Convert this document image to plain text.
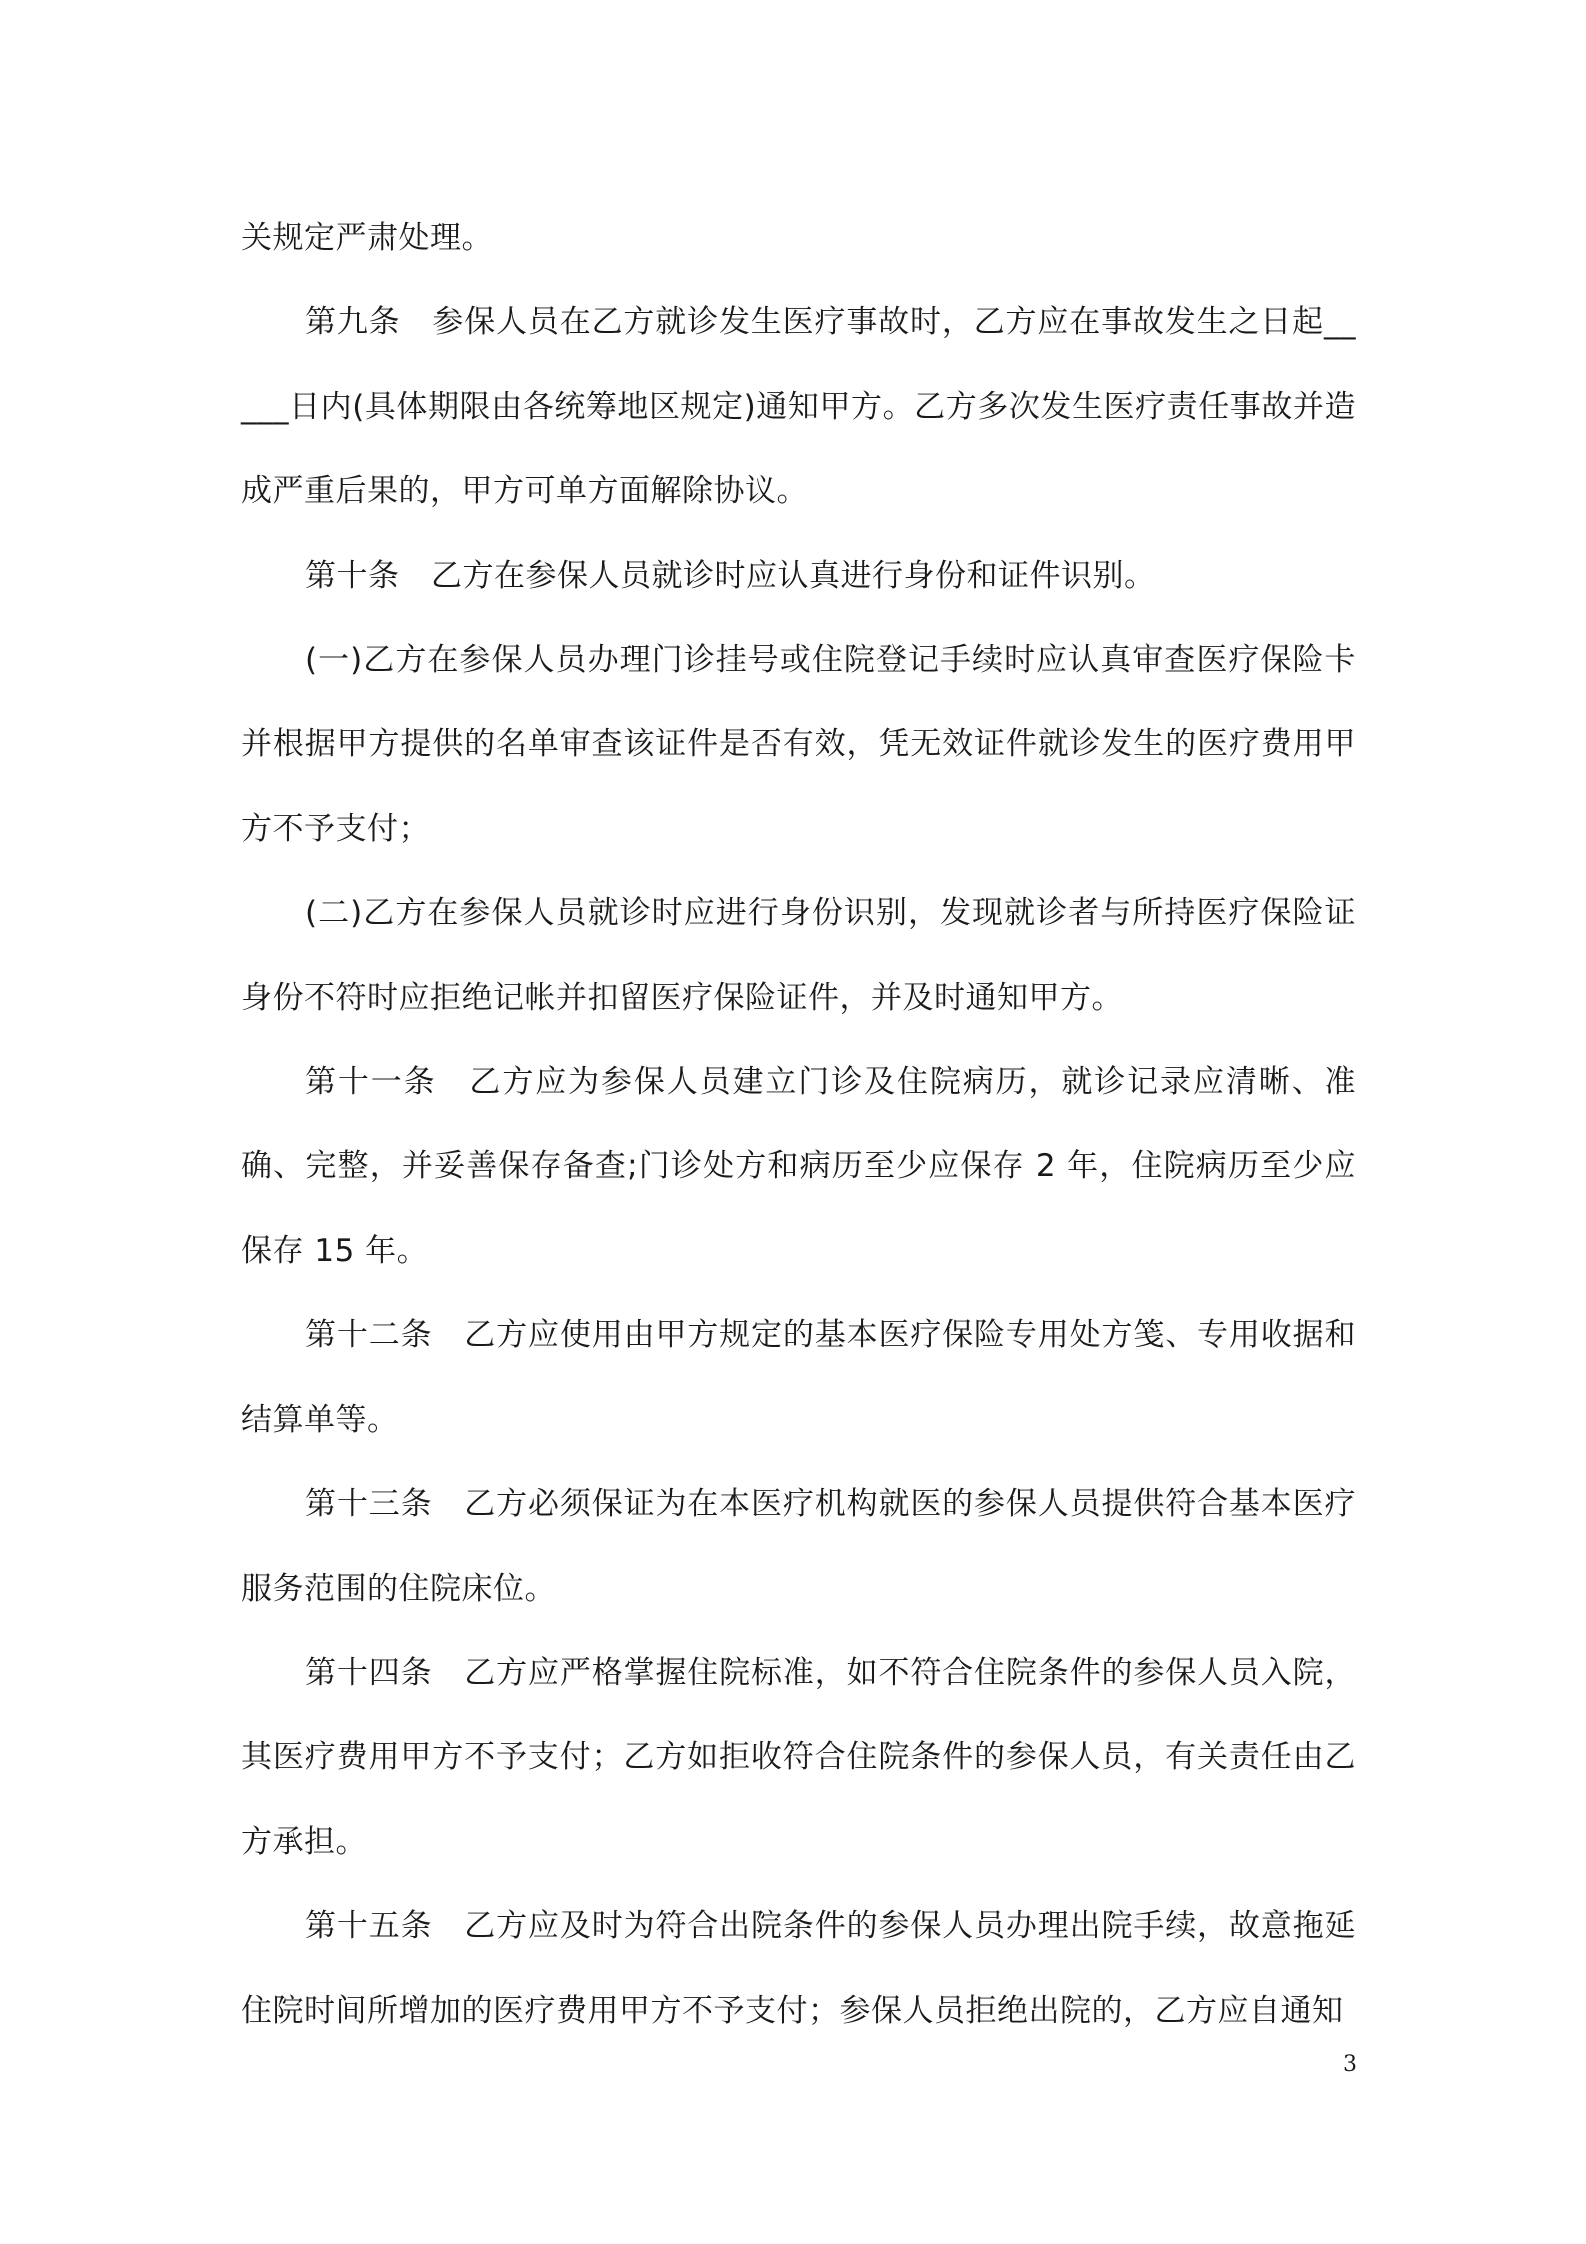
关规定严肃处理。

第九条　参保人员在乙方就诊发生医疗事故时，乙方应在事故发生之日起_____日内(具体期限由各统筹地区规定)通知甲方。乙方多次发生医疗责任事故并造成严重后果的，甲方可单方面解除协议。

第十条　乙方在参保人员就诊时应认真进行身份和证件识别。

(一)乙方在参保人员办理门诊挂号或住院登记手续时应认真审查医疗保险卡并根据甲方提供的名单审查该证件是否有效，凭无效证件就诊发生的医疗费用甲方不予支付；

(二)乙方在参保人员就诊时应进行身份识别，发现就诊者与所持医疗保险证身份不符时应拒绝记帐并扣留医疗保险证件，并及时通知甲方。

第十一条　乙方应为参保人员建立门诊及住院病历，就诊记录应清晰、准确、完整，并妥善保存备查;门诊处方和病历至少应保存 2 年，住院病历至少应保存 15 年。

第十二条　乙方应使用由甲方规定的基本医疗保险专用处方笺、专用收据和结算单等。

第十三条　乙方必须保证为在本医疗机构就医的参保人员提供符合基本医疗服务范围的住院床位。

第十四条　乙方应严格掌握住院标准，如不符合住院条件的参保人员入院，其医疗费用甲方不予支付；乙方如拒收符合住院条件的参保人员，有关责任由乙方承担。

第十五条　乙方应及时为符合出院条件的参保人员办理出院手续，故意拖延住院时间所增加的医疗费用甲方不予支付；参保人员拒绝出院的，乙方应自通知

3
